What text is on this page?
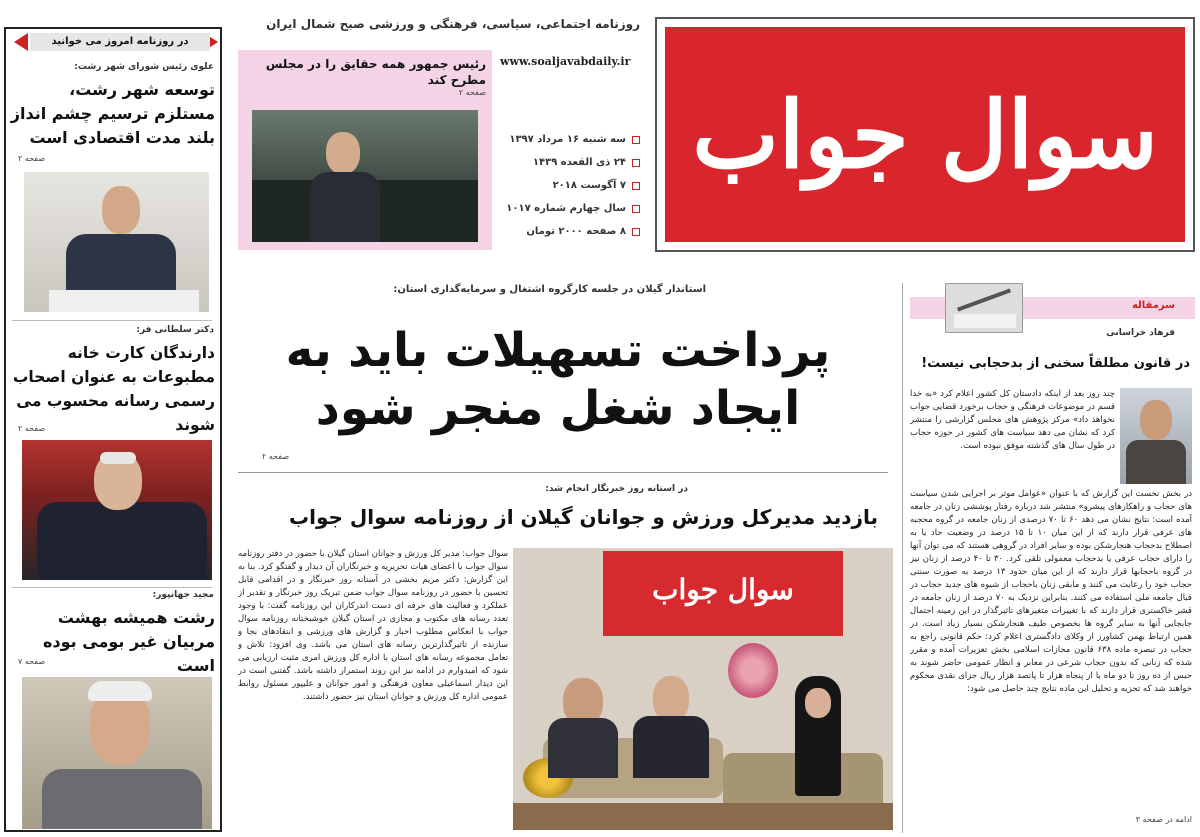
در روزنامه امروز می خوانید
علوی رئیس شورای شهر رشت:
توسعه شهر رشت، مستلزم ترسیم چشم انداز بلند مدت اقتصادی است
صفحه ۲
دکتر سلطانی فر:
دارندگان کارت خانه مطبوعات به عنوان اصحاب رسمی رسانه محسوب می شوند
صفحه ۲
مجید جهانپور:
رشت همیشه بهشت مربیان غیر بومی بوده است
صفحه ۷
رئیس جمهور همه حقایق را در مجلس مطرح کند
صفحه ۲
روزنامه اجتماعی، سیاسی، فرهنگی و ورزشی صبح شمال ایران
www.soaljavabdaily.ir
سه شنبه ۱۶ مرداد ۱۳۹۷
۲۴ ذی القعده ۱۴۳۹
۷ آگوست ۲۰۱۸
سال چهارم شماره ۱۰۱۷
۸ صفحه ۲۰۰۰ تومان
سوال جواب
استاندار گیلان در جلسه کارگروه اشتغال و سرمایه‌گذاری استان:
پرداخت تسهیلات باید به ایجاد شغل منجر شود
صفحه ۲
در استانه روز خبرنگار انجام شد:
بازدید مدیرکل ورزش و جوانان گیلان از روزنامه سوال جواب
سوال جواب: مدیر کل ورزش و جوانان استان گیلان با حضور در دفتر روزنامه سوال جواب با اعضای هیات تحریریه و خبرنگاران آن دیدار و گفتگو کرد. بنا به این گزارش: دکتر مریم بخشی در آستانه روز خبرنگار و در اقدامی قابل تحسین با حضور در روزنامه سوال جواب ضمن تبریک روز خبرنگار و تقدیر از عملکرد و فعالیت های حرفه ای دست اندرکاران این روزنامه گفت: با وجود تعدد رسانه های مکتوب و مجازی در استان گیلان خوشبختانه روزنامه سوال جواب با انعکاس مطلوب اخبار و گزارش های ورزشی و انتقادهای بجا و سازنده از تاثیرگذارترین رسانه های استان می باشد. وی افزود: تلاش و تعامل مجموعه رسانه های استان با اداره کل ورزش امری مثبت ارزیابی می شود که امیدوارم در ادامه نیز این روند استمرار داشته باشد. گفتنی است در این دیدار اسماعیلی معاون فرهنگی و امور جوانان و علیپور مسئول روابط عمومی اداره کل ورزش و جوانان استان نیز حضور داشتند.
سوال جواب
سرمقاله
فرهاد خراسانی
در قانون مطلقاً سخنی از بدحجابی نیست!
چند روز بعد از اینکه دادستان کل کشور اعلام کرد «به خدا قسم در موضوعات فرهنگی و حجاب برخورد قضایی جواب نخواهد داد» مرکز پژوهش های مجلس گزارشی را منتشر کرد که نشان می دهد سیاست های کشور در حوزه حجاب در طول سال های گذشته موفق نبوده است.
در بخش نخست این گزارش که با عنوان «عوامل موثر بر اجرایی شدن سیاست های حجاب و راهکارهای پیشرو» منتشر شد درباره رفتار پوششی زنان در جامعه آمده است: نتایج نشان می دهد ۶۰ تا ۷۰ درصدی از زنان جامعه در گروه محجبه های عرفی قرار دارند که از این میان ۱۰ تا ۱۵ درصد در وضعیت حاد یا به اصطلاح بدحجاب هنجارشکن بوده و سایر افراد در گروهی هستند که می توان آنها را دارای حجاب عرفی یا بدحجاب معمولی تلقی کرد. ۳۰ تا ۴۰ درصد از زنان نیز در گروه باحجابها قرار دارند که از این میان حدود ۱۳ درصد به صورت سنتی حجاب خود را رعایت می کنند و مابقی زنان باحجاب از شیوه های جدید حجاب در قبال جامعه ملی استفاده می کنند. بنابراین نزدیک به ۷۰ درصد از زنان جامعه در قشر خاکستری قرار دارند که با تغییرات متغیرهای تاثیرگذار در این زمینه احتمال جابجایی آنها به سایر گروه ها بخصوص طیف هنجارشکن بسیار زیاد است. در همین ارتباط بهمن کشاورز از وکلای دادگستری اعلام کرد: حکم قانونی راجع به حجاب در تبصره ماده ۶۳۸ قانون مجازات اسلامی بخش تعزیرات آمده و مقرر شده که زنانی که بدون حجاب شرعی در معابر و انظار عمومی حاضر شوند به حبس از ده روز تا دو ماه یا از پنجاه هزار تا پانصد هزار ریال جزای نقدی محکوم خواهند شد که تجزیه و تحلیل این ماده نتایج چند حاصل می شود:
ادامه در صفحه ۳
